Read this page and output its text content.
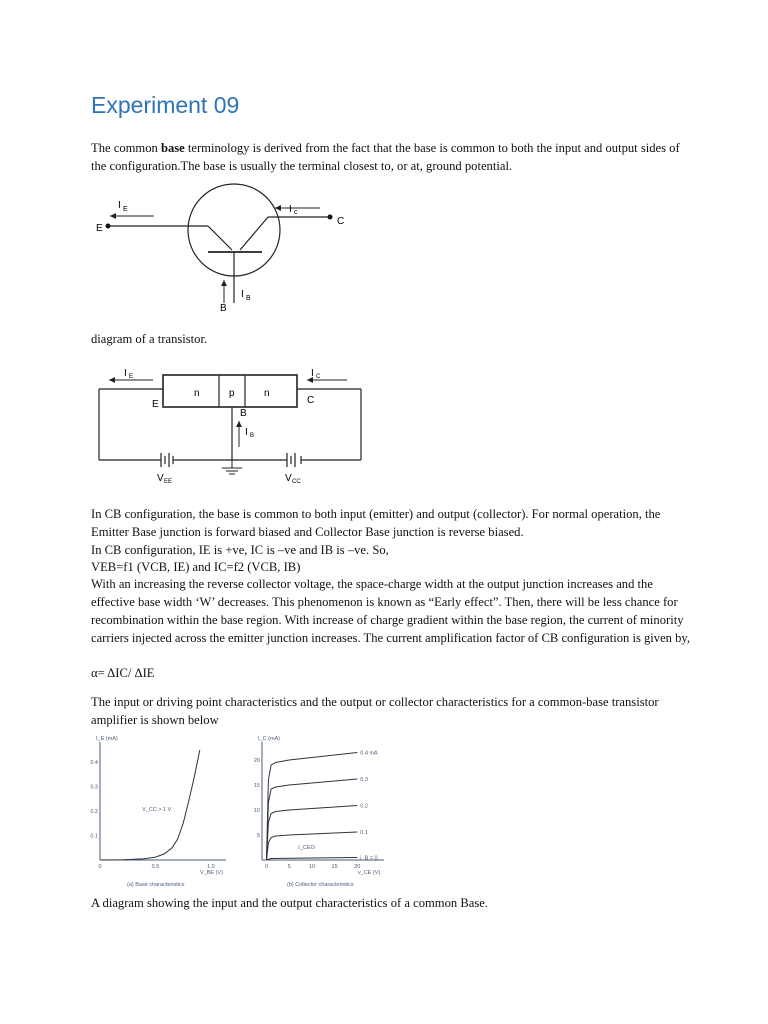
Experiment 09

The common base terminology is derived from the fact that the base is common to both the input and output sides of the configuration.The base is usually the terminal closest to, or at, ground potential.

I E	I c
I B
E
C
B

diagram of a transistor.

n	p	n
I E	I C
I B
E	C
B
V EE	V CC

In CB configuration, the base is common to both input (emitter) and output (collector). For normal operation, the Emitter Base junction is forward biased and Collector Base junction is reverse biased.

In CB configuration, IE is +ve, IC is –ve and IB is –ve. So,

VEB=f1 (VCB, IE) and IC=f2 (VCB, IB)

With an increasing the reverse collector voltage, the space-charge width at the output junction increases and the effective base width ‘W’ decreases. This phenomenon is known as “Early effect”. Then, there will be less chance for recombination within the base region. With increase of charge gradient within the base region, the current of minority carriers injected across the emitter junction increases. The current amplification factor of CB configuration is given by,

α= ΔIC/ ΔIE

The input or driving point characteristics and the output or collector characteristics for a common-base transistor amplifier is shown below

I_E (mA)
V_BE (V)
(a) Base characteristics
0.4
0.3
0.2
0.1
0	0.5	1.0
V_CC > 1 V
I_C (mA)
v_CE (V)
(b) Collector characteristics
20
15
10
5
0	5	10	15	20
0.4 mA
0.3
0.2
0.1
i_B = 0
I_CEO

A diagram showing the input and the output characteristics of a common Base.
